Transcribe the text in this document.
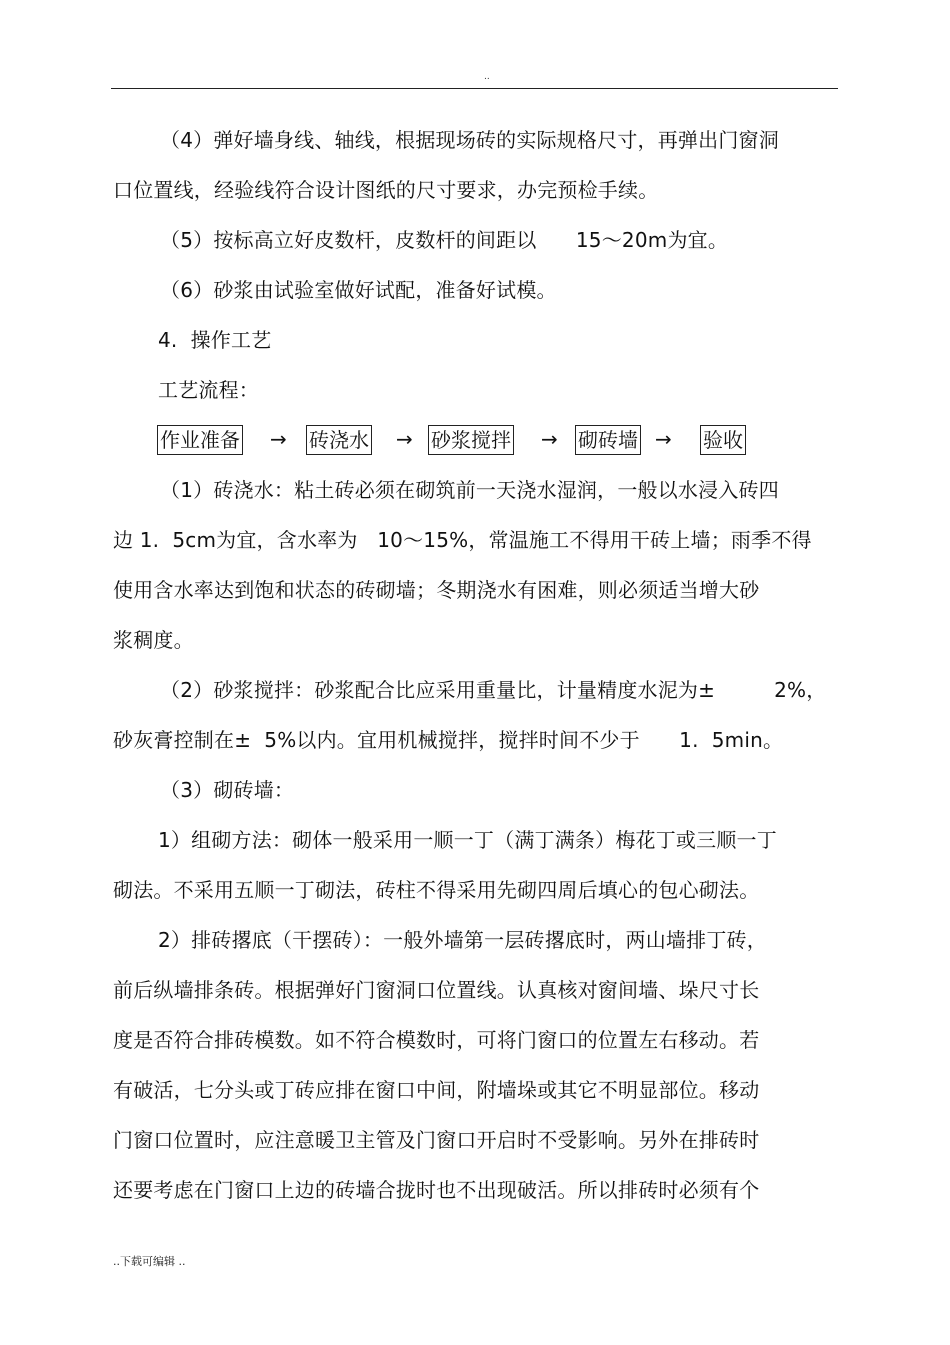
..
（4）弹好墙身线、轴线，根据现场砖的实际规格尺寸，再弹出门窗洞
口位置线，经验线符合设计图纸的尺寸要求，办完预检手续。
（5）按标高立好皮数杆，皮数杆的间距以      15～20m为宜。
（6）砂浆由试验室做好试配，准备好试模。
4.  操作工艺
工艺流程：
作业准备 → 砖浇水 → 砂浆搅拌 → 砌砖墙 → 验收
（1）砖浇水：粘土砖必须在砌筑前一天浇水湿润，一般以水浸入砖四
边 1.  5cm为宜，含水率为   10～15%，常温施工不得用干砖上墙；雨季不得
使用含水率达到饱和状态的砖砌墙；冬期浇水有困难，则必须适当增大砂
浆稠度。
（2）砂浆搅拌：砂浆配合比应采用重量比，计量精度水泥为±         2%，
砂灰膏控制在±  5%以内。宜用机械搅拌，搅拌时间不少于      1.  5min。
（3）砌砖墙：
1）组砌方法：砌体一般采用一顺一丁（满丁满条）梅花丁或三顺一丁
砌法。不采用五顺一丁砌法，砖柱不得采用先砌四周后填心的包心砌法。
2）排砖撂底（干摆砖）：一般外墙第一层砖撂底时，两山墙排丁砖，
前后纵墙排条砖。根据弹好门窗洞口位置线。认真核对窗间墙、垛尺寸长
度是否符合排砖模数。如不符合模数时，可将门窗口的位置左右移动。若
有破活，七分头或丁砖应排在窗口中间，附墙垛或其它不明显部位。移动
门窗口位置时，应注意暖卫主管及门窗口开启时不受影响。另外在排砖时
还要考虑在门窗口上边的砖墙合拢时也不出现破活。所以排砖时必须有个
..下载可编辑 ..
